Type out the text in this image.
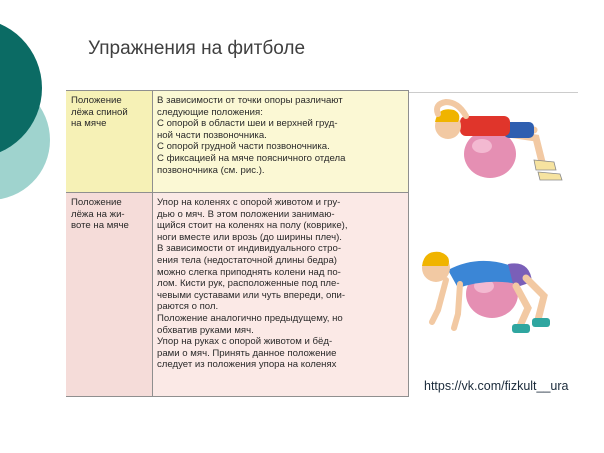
Упражнения на фитболе
Положение
лёжа спиной
на мяче
В зависимости от точки опоры различают
следующие положения:
С опорой в области шеи и верхней груд-
ной части позвоночника.
С опорой грудной части позвоночника.
С фиксацией на мяче поясничного отдела
позвоночника (см. рис.).
Положение
лёжа на жи-
воте на мяче
Упор на коленях с опорой животом и гру-
дью о мяч. В этом положении занимаю-
щийся стоит на коленях на полу (коврике),
ноги вместе или врозь (до ширины плеч).
В зависимости от индивидуального стро-
ения тела (недостаточной длины бедра)
можно слегка приподнять колени над по-
лом. Кисти рук, расположенные под пле-
чевыми суставами или чуть впереди, опи-
раются о пол.
Положение аналогично предыдущему, но
обхватив руками мяч.
Упор на руках с опорой животом и бёд-
рами о мяч. Принять данное положение
следует из положения упора на коленях
https://vk.com/fizkult__ura
